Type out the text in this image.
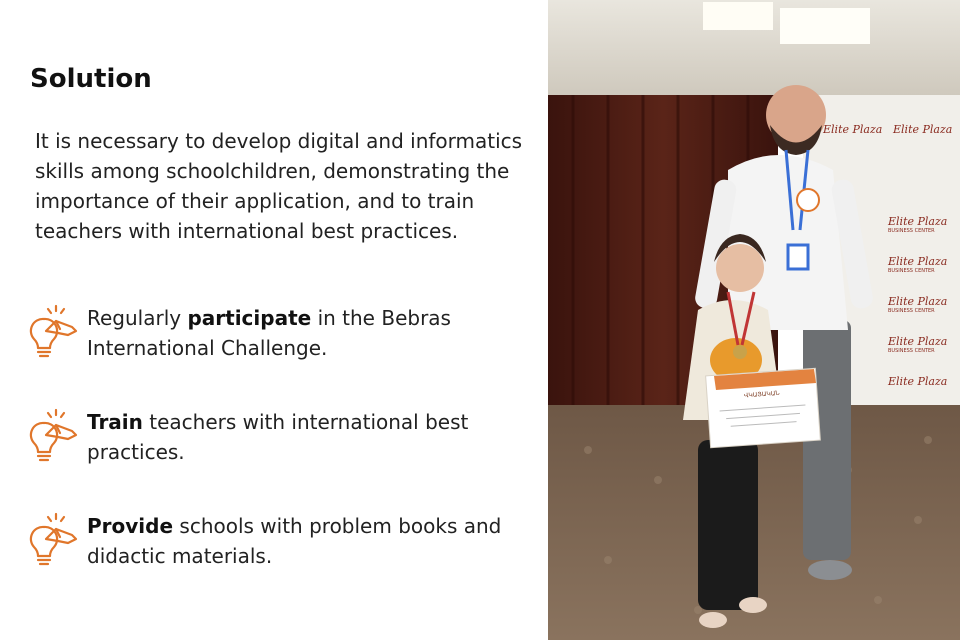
Solution

It is necessary to develop digital and informatics skills among schoolchildren, demonstrating the importance of their application, and to train teachers with international best practices.

Regularly participate in the Bebras International Challenge.
Train teachers with international best practices.
Provide schools with problem books and didactic materials.
Elite Plaza Elite Plaza
Elite Plaza
Elite Plaza
Elite Plaza
Elite Plaza
Elite Plaza
BUSINESS CENTER
BUSINESS CENTER
BUSINESS CENTER
BUSINESS CENTER
ՎԿԱՅԱԿԱՆ
